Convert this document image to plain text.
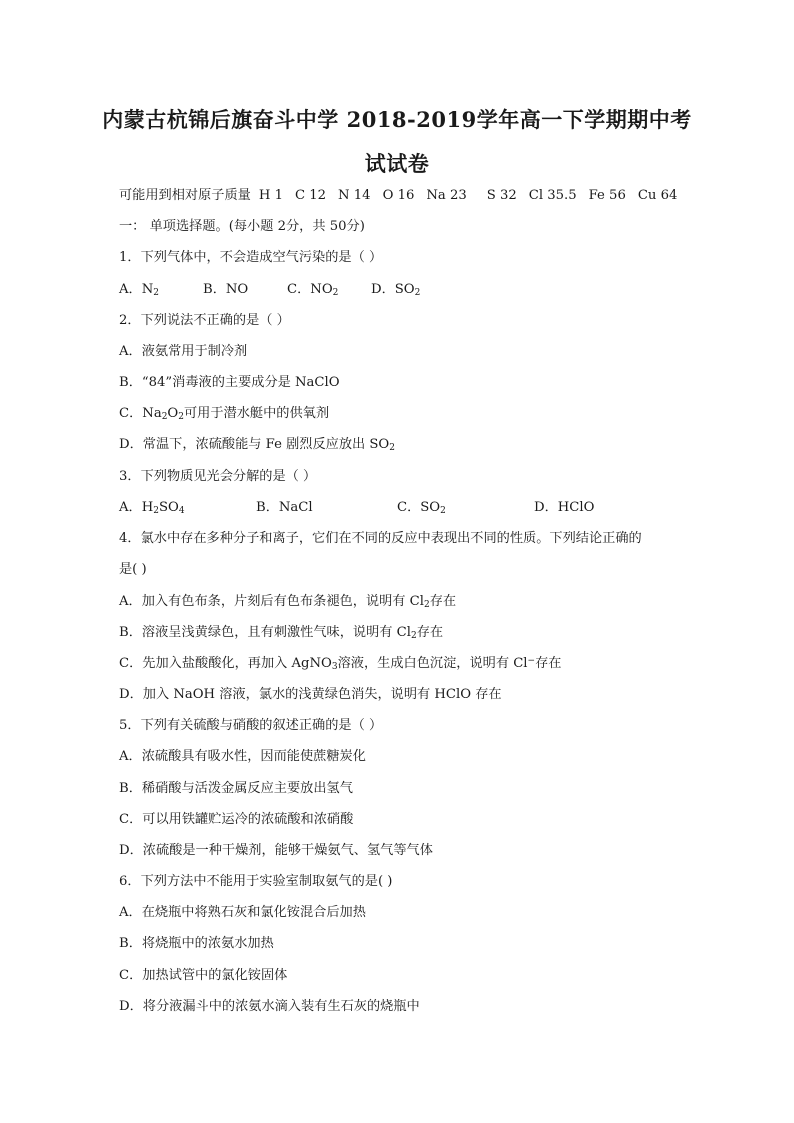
内蒙古杭锦后旗奋斗中学 2018-2019学年高一下学期期中考
试试卷
可能用到相对原子质量 H 1 C 12 N 14 O 16 Na 23 S 32 Cl 35.5 Fe 56 Cu 64
一： 单项选择题。(每小题 2分，共 50分)
1．下列气体中，不会造成空气污染的是（ ）
A．$N_2$	B．NO	C．$NO_2$ D．$SO_2$
2．下列说法不正确的是（ ）
A．液氨常用于制冷剂
B．“84”消毒液的主要成分是 NaClO
C．$Na_2O_2$可用于潜水艇中的供氧剂
D．常温下，浓硫酸能与 Fe 剧烈反应放出 $SO_2$
3．下列物质见光会分解的是（ ）
A．$H_2SO_4$	B．NaCl	C．$SO_2$	D．HClO
4．氯水中存在多种分子和离子，它们在不同的反应中表现出不同的性质。下列结论正确的
是( )
A．加入有色布条，片刻后有色布条褪色，说明有 $Cl_2$存在
B．溶液呈浅黄绿色，且有刺激性气味，说明有 $Cl_2$存在
C．先加入盐酸酸化，再加入 AgNO$_3$溶液，生成白色沉淀，说明有 Cl−存在
D．加入 NaOH 溶液，氯水的浅黄绿色消失，说明有 HClO 存在
5．下列有关硫酸与硝酸的叙述正确的是（ ）
A．浓硫酸具有吸水性，因而能使蔗糖炭化
B．稀硝酸与活泼金属反应主要放出氢气
C．可以用铁罐贮运冷的浓硫酸和浓硝酸
D．浓硫酸是一种干燥剂，能够干燥氨气、氢气等气体
6．下列方法中不能用于实验室制取氨气的是( )
A．在烧瓶中将熟石灰和氯化铵混合后加热
B．将烧瓶中的浓氨水加热
C．加热试管中的氯化铵固体
D．将分液漏斗中的浓氨水滴入装有生石灰的烧瓶中
